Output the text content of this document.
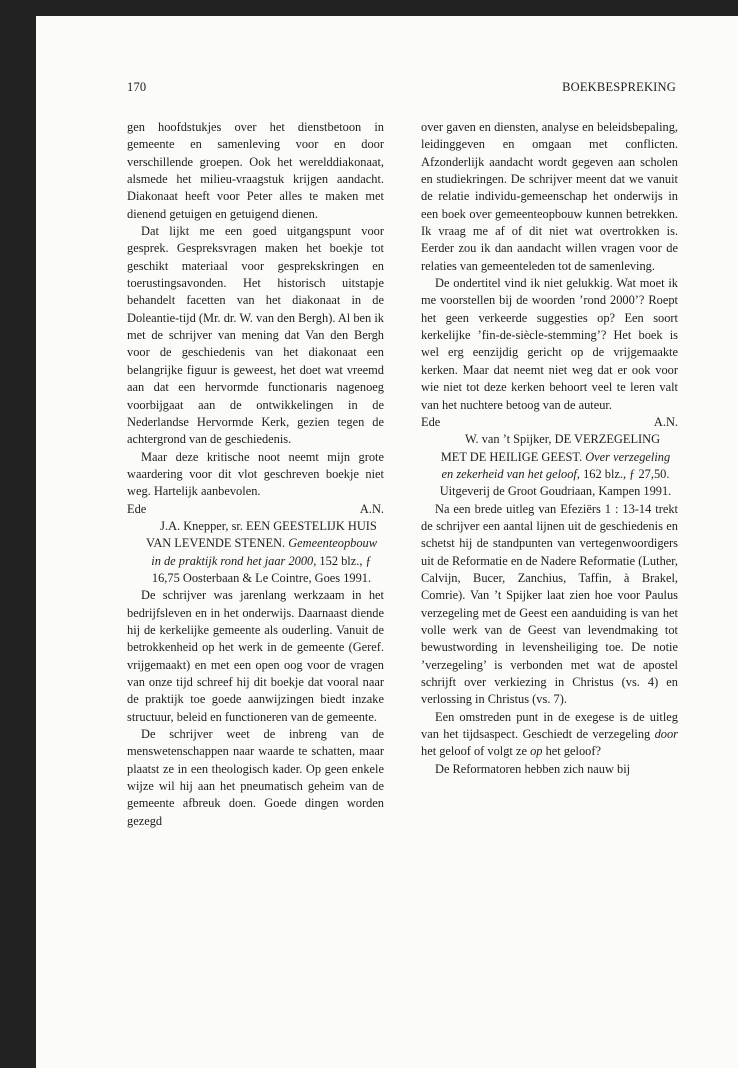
170	BOEKBESPREKING

gen hoofdstukjes over het dienstbetoon in gemeente en samenleving voor en door verschillende groepen. Ook het werelddiakonaat, alsmede het milieu-vraagstuk krijgen aandacht. Diakonaat heeft voor Peter alles te maken met dienend getuigen en getuigend dienen.

Dat lijkt me een goed uitgangspunt voor gesprek. Gespreksvragen maken het boekje tot geschikt materiaal voor gesprekskringen en toerustingsavonden. Het historisch uitstapje behandelt facetten van het diakonaat in de Doleantie-tijd (Mr. dr. W. van den Bergh). Al ben ik met de schrijver van mening dat Van den Bergh voor de geschiedenis van het diakonaat een belangrijke figuur is geweest, het doet wat vreemd aan dat een hervormde functionaris nagenoeg voorbijgaat aan de ontwikkelingen in de Nederlandse Hervormde Kerk, gezien tegen de achtergrond van de geschiedenis.

Maar deze kritische noot neemt mijn grote waardering voor dit vlot geschreven boekje niet weg. Hartelijk aanbevolen.

Ede	A.N.

J.A. Knepper, sr. EEN GEESTELIJK HUIS VAN LEVENDE STENEN. Gemeenteopbouw in de praktijk rond het jaar 2000, 152 blz., ƒ 16,75 Oosterbaan & Le Cointre, Goes 1991.

De schrijver was jarenlang werkzaam in het bedrijfsleven en in het onderwijs. Daarnaast diende hij de kerkelijke gemeente als ouderling. Vanuit de betrokkenheid op het werk in de gemeente (Geref. vrijgemaakt) en met een open oog voor de vragen van onze tijd schreef hij dit boekje dat vooral naar de praktijk toe goede aanwijzingen biedt inzake structuur, beleid en functioneren van de gemeente.

De schrijver weet de inbreng van de menswetenschappen naar waarde te schatten, maar plaatst ze in een theologisch kader. Op geen enkele wijze wil hij aan het pneumatisch geheim van de gemeente afbreuk doen. Goede dingen worden gezegd

over gaven en diensten, analyse en beleidsbepaling, leidinggeven en omgaan met conflicten. Afzonderlijk aandacht wordt gegeven aan scholen en studiekringen. De schrijver meent dat we vanuit de relatie individu-gemeenschap het onderwijs in een boek over gemeenteopbouw kunnen betrekken. Ik vraag me af of dit niet wat overtrokken is. Eerder zou ik dan aandacht willen vragen voor de relaties van gemeenteleden tot de samenleving.

De ondertitel vind ik niet gelukkig. Wat moet ik me voorstellen bij de woorden ’rond 2000’? Roept het geen verkeerde suggesties op? Een soort kerkelijke ’fin-de-siècle-stemming’? Het boek is wel erg eenzijdig gericht op de vrijgemaakte kerken. Maar dat neemt niet weg dat er ook voor wie niet tot deze kerken behoort veel te leren valt van het nuchtere betoog van de auteur.

Ede	A.N.

W. van ’t Spijker, DE VERZEGELING MET DE HEILIGE GEEST. Over verzegeling en zekerheid van het geloof, 162 blz., ƒ 27,50. Uitgeverij de Groot Goudriaan, Kampen 1991.

Na een brede uitleg van Efeziërs 1 : 13-14 trekt de schrijver een aantal lijnen uit de geschiedenis en schetst hij de standpunten van vertegenwoordigers uit de Reformatie en de Nadere Reformatie (Luther, Calvijn, Bucer, Zanchius, Taffin, à Brakel, Comrie). Van ’t Spijker laat zien hoe voor Paulus verzegeling met de Geest een aanduiding is van het volle werk van de Geest van levendmaking tot bewustwording in levensheiliging toe. De notie ’verzegeling’ is verbonden met wat de apostel schrijft over verkiezing in Christus (vs. 4) en verlossing in Christus (vs. 7).

Een omstreden punt in de exegese is de uitleg van het tijdsaspect. Geschiedt de verzegeling door het geloof of volgt ze op het geloof?

De Reformatoren hebben zich nauw bij
